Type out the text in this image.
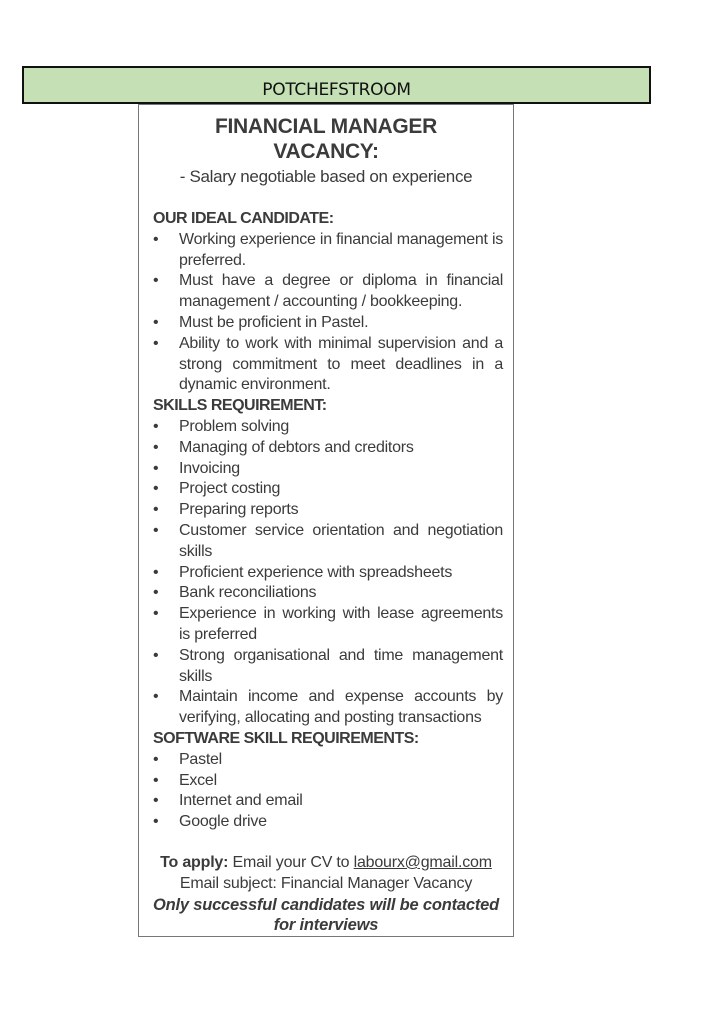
POTCHEFSTROOM
FINANCIAL MANAGER
VACANCY:
- Salary negotiable based on experience
OUR IDEAL CANDIDATE:
• Working experience in financial management is preferred.
• Must have a degree or diploma in financial management / accounting / bookkeeping.
• Must be proficient in Pastel.
• Ability to work with minimal supervision and a strong commitment to meet deadlines in a dynamic environment.
SKILLS REQUIREMENT:
• Problem solving
• Managing of debtors and creditors
• Invoicing
• Project costing
• Preparing reports
• Customer service orientation and negotiation skills
• Proficient experience with spreadsheets
• Bank reconciliations
• Experience in working with lease agreements is preferred
• Strong organisational and time management skills
• Maintain income and expense accounts by verifying, allocating and posting transactions
SOFTWARE SKILL REQUIREMENTS:
• Pastel
• Excel
• Internet and email
• Google drive
To apply: Email your CV to labourx@gmail.com
Email subject: Financial Manager Vacancy
Only successful candidates will be contacted
for interviews
